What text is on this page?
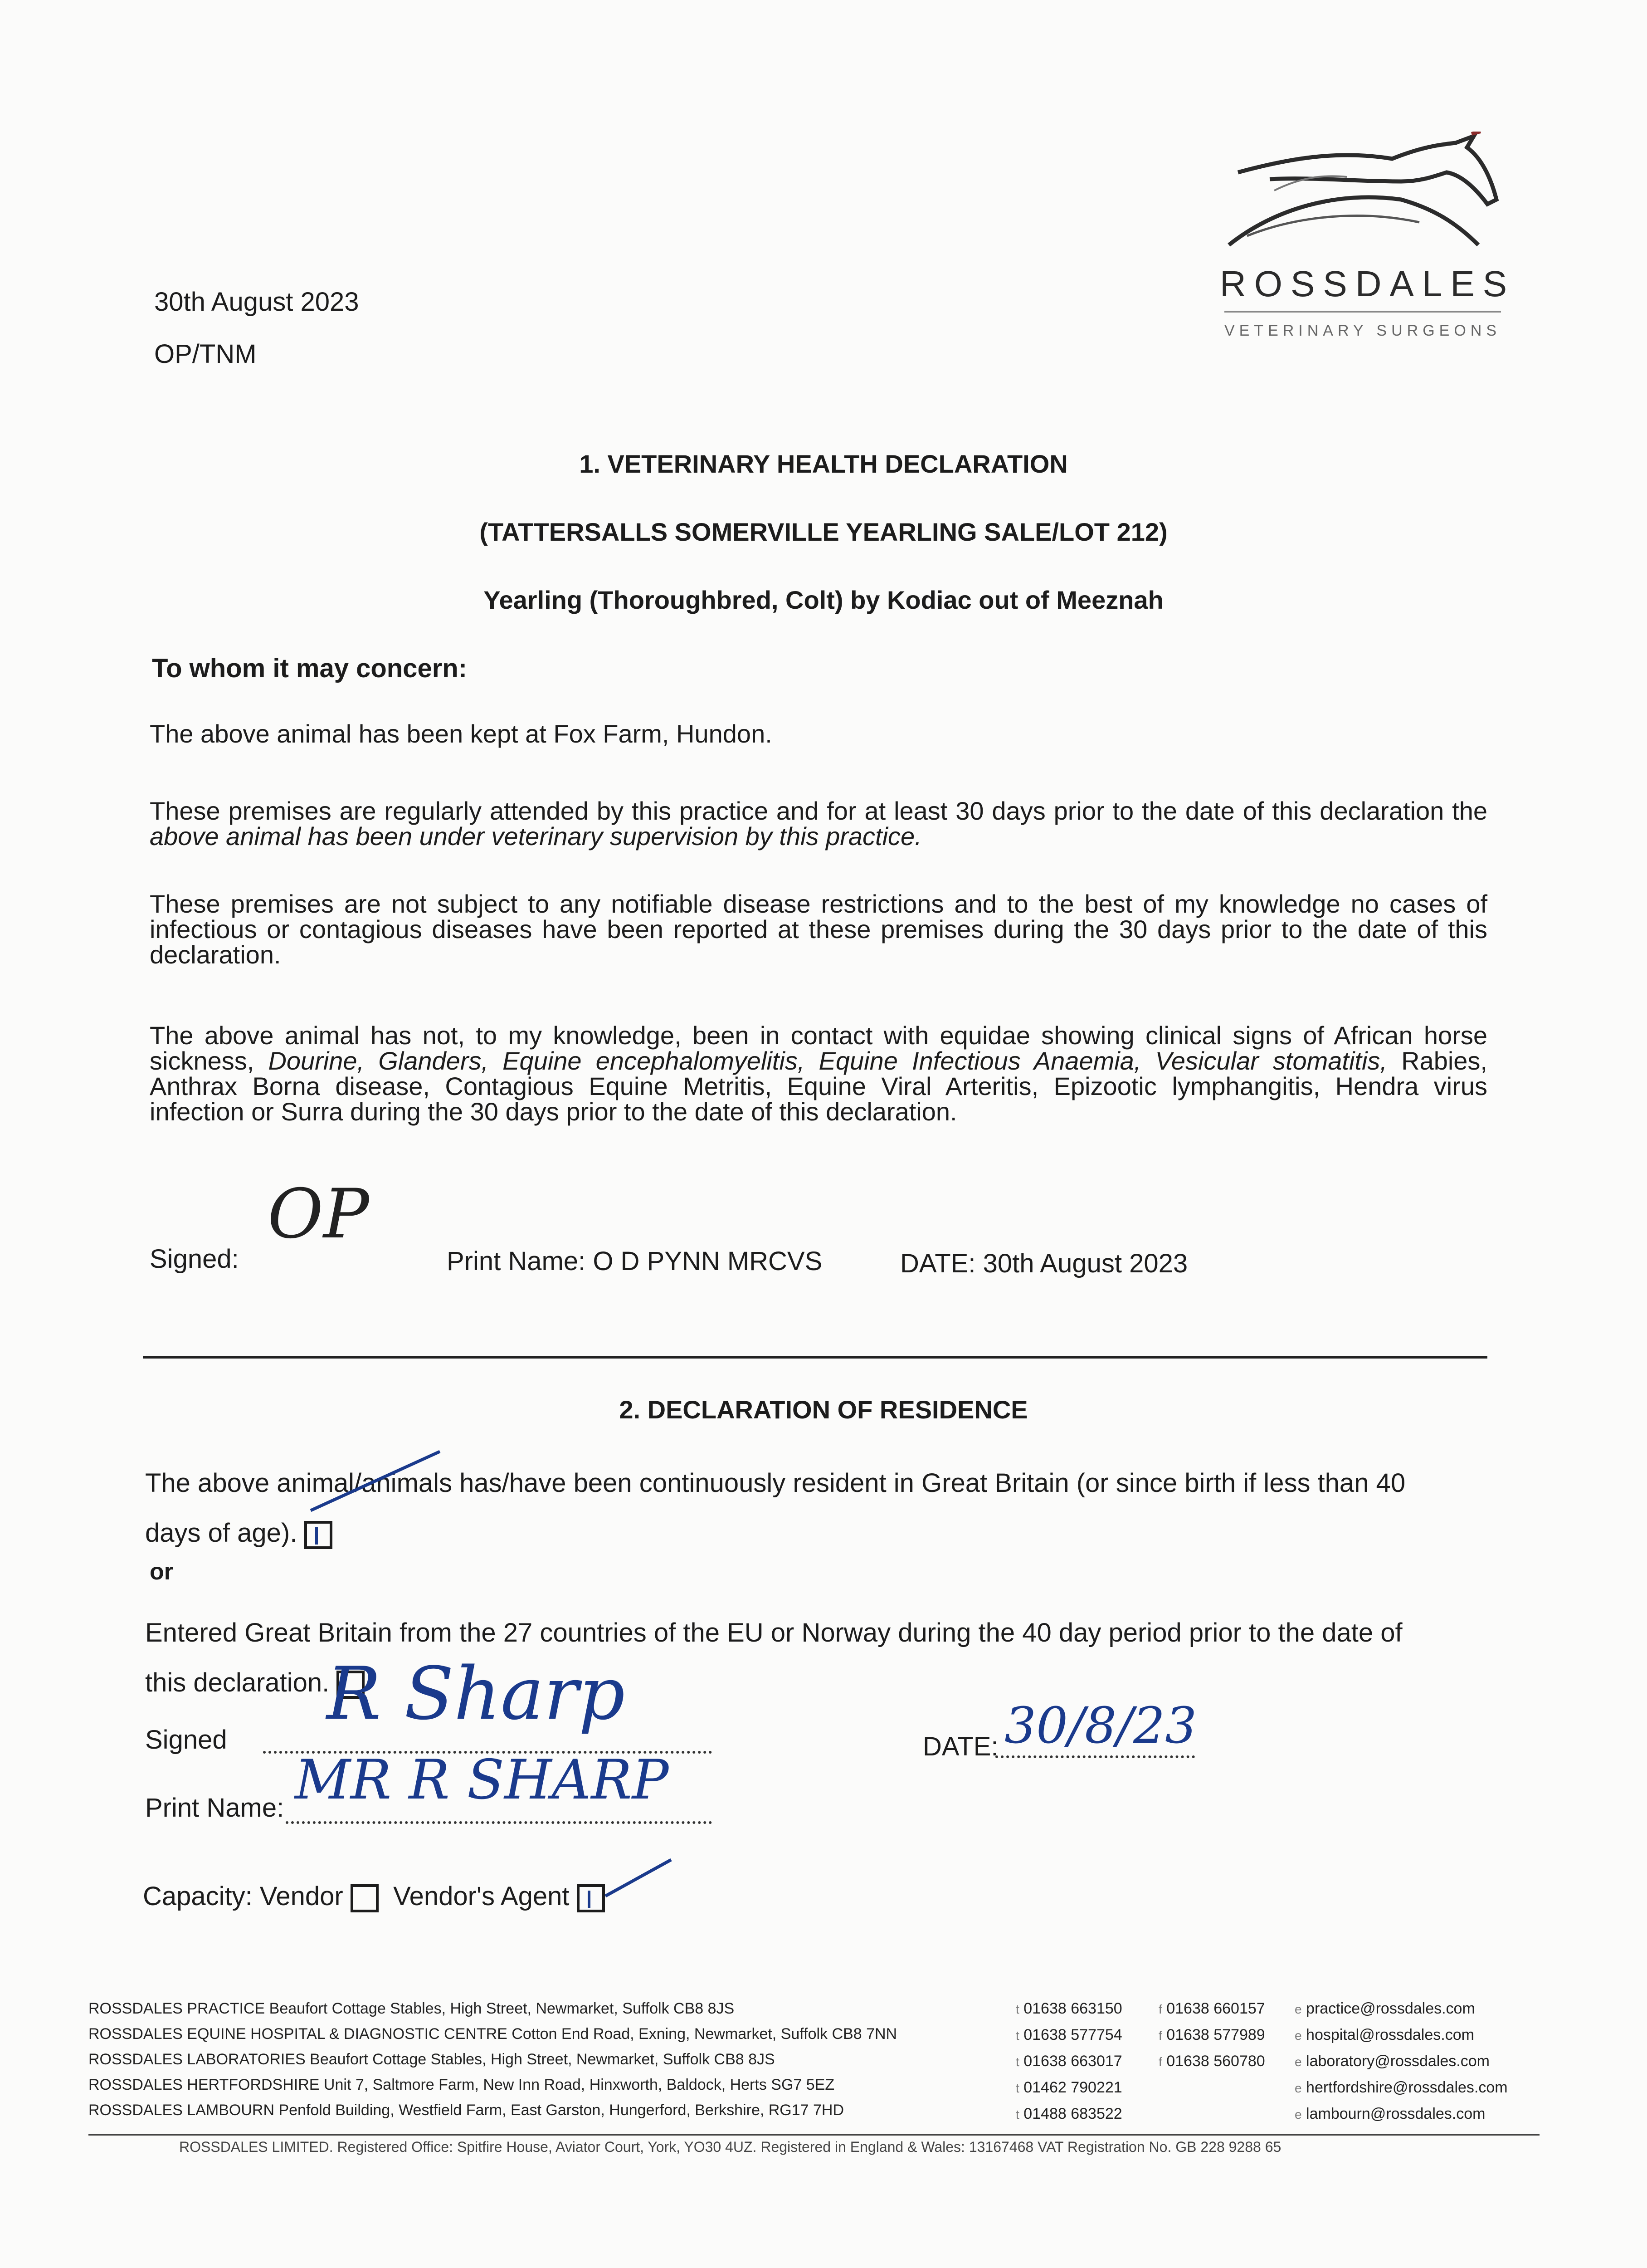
ROSSDALES
VETERINARY SURGEONS
30th August 2023
OP/TNM
1. VETERINARY HEALTH DECLARATION
(TATTERSALLS SOMERVILLE YEARLING SALE/LOT 212)
Yearling (Thoroughbred, Colt) by Kodiac out of Meeznah
To whom it may concern:
The above animal has been kept at Fox Farm, Hundon.
These premises are regularly attended by this practice and for at least 30 days prior to the date of this declaration the above animal has been under veterinary supervision by this practice.
These premises are not subject to any notifiable disease restrictions and to the best of my knowledge no cases of infectious or contagious diseases have been reported at these premises during the 30 days prior to the date of this declaration.
The above animal has not, to my knowledge, been in contact with equidae showing clinical signs of African horse sickness, Dourine, Glanders, Equine encephalomyelitis, Equine Infectious Anaemia, Vesicular stomatitis, Rabies, Anthrax Borna disease, Contagious Equine Metritis, Equine Viral Arteritis, Epizootic lymphangitis, Hendra virus infection or Surra during the 30 days prior to the date of this declaration.
Signed:
OP
Print Name: O D PYNN MRCVS	DATE: 30th August 2023
2. DECLARATION OF RESIDENCE
The above animal/animals has/have been continuously resident in Great Britain (or since birth if less than 40
days of age).
or
Entered Great Britain from the 27 countries of the EU or Norway during the 40 day period prior to the date of
this declaration.
Signed
R Sharp
DATE: 30/8/23
Print Name: MR R SHARP
Capacity: Vendor Vendor's Agent
ROSSDALES PRACTICE Beaufort Cottage Stables, High Street, Newmarket, Suffolk CB8 8JS
ROSSDALES EQUINE HOSPITAL & DIAGNOSTIC CENTRE Cotton End Road, Exning, Newmarket, Suffolk CB8 7NN
ROSSDALES LABORATORIES Beaufort Cottage Stables, High Street, Newmarket, Suffolk CB8 8JS
ROSSDALES HERTFORDSHIRE Unit 7, Saltmore Farm, New Inn Road, Hinxworth, Baldock, Herts SG7 5EZ
ROSSDALES LAMBOURN Penfold Building, Westfield Farm, East Garston, Hungerford, Berkshire, RG17 7HD
t 01638 663150
t 01638 577754
t 01638 663017
t 01462 790221
t 01488 683522
f 01638 660157
f 01638 577989
f 01638 560780
e practice@rossdales.com
e hospital@rossdales.com
e laboratory@rossdales.com
e hertfordshire@rossdales.com
e lambourn@rossdales.com
ROSSDALES LIMITED. Registered Office: Spitfire House, Aviator Court, York, YO30 4UZ. Registered in England & Wales: 13167468 VAT Registration No. GB 228 9288 65
